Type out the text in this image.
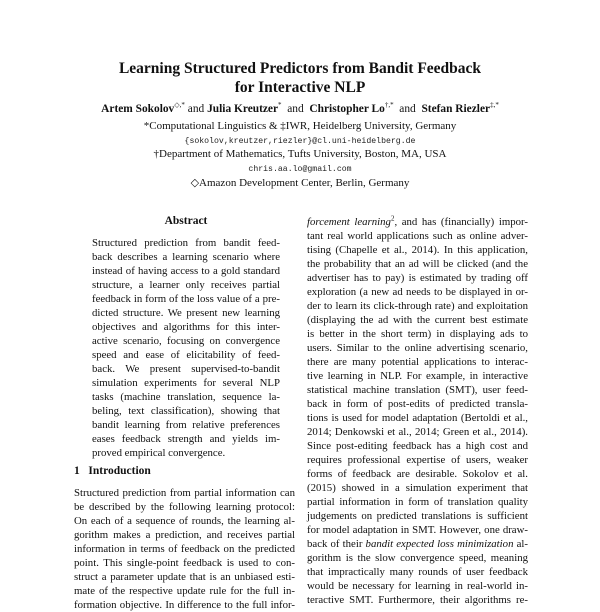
Learning Structured Predictors from Bandit Feedback
for Interactive NLP
Artem Sokolov◇,* and Julia Kreutzer* and Christopher Lo†,* and Stefan Riezler‡,*
*Computational Linguistics & ‡IWR, Heidelberg University, Germany
{sokolov,kreutzer,riezler}@cl.uni-heidelberg.de
†Department of Mathematics, Tufts University, Boston, MA, USA
chris.aa.lo@gmail.com
◇Amazon Development Center, Berlin, Germany
Abstract
Structured prediction from bandit feed-
back describes a learning scenario where
instead of having access to a gold standard
structure, a learner only receives partial
feedback in form of the loss value of a pre-
dicted structure. We present new learning
objectives and algorithms for this inter-
active scenario, focusing on convergence
speed and ease of elicitability of feed-
back. We present supervised-to-bandit
simulation experiments for several NLP
tasks (machine translation, sequence la-
beling, text classification), showing that
bandit learning from relative preferences
eases feedback strength and yields im-
proved empirical convergence.
1 Introduction
Structured prediction from partial information can
be described by the following learning protocol:
On each of a sequence of rounds, the learning al-
gorithm makes a prediction, and receives partial
information in terms of feedback on the predicted
point. This single-point feedback is used to con-
struct a parameter update that is an unbiased esti-
mate of the respective update rule for the full in-
formation objective. In difference to the full infor-
forcement learning$^2$, and has (financially) impor-
tant real world applications such as online adver-
tising (Chapelle et al., 2014). In this application,
the probability that an ad will be clicked (and the
advertiser has to pay) is estimated by trading off
exploration (a new ad needs to be displayed in or-
der to learn its click-through rate) and exploitation
(displaying the ad with the current best estimate
is better in the short term) in displaying ads to
users. Similar to the online advertising scenario,
there are many potential applications to interac-
tive learning in NLP. For example, in interactive
statistical machine translation (SMT), user feed-
back in form of post-edits of predicted transla-
tions is used for model adaptation (Bertoldi et al.,
2014; Denkowski et al., 2014; Green et al., 2014).
Since post-editing feedback has a high cost and
requires professional expertise of users, weaker
forms of feedback are desirable. Sokolov et al.
(2015) showed in a simulation experiment that
partial information in form of translation quality
judgements on predicted translations is sufficient
for model adaptation in SMT. However, one draw-
back of their bandit expected loss minimization al-
gorithm is the slow convergence speed, meaning
that impractically many rounds of user feedback
would be necessary for learning in real-world in-
teractive SMT. Furthermore, their algorithms re-
